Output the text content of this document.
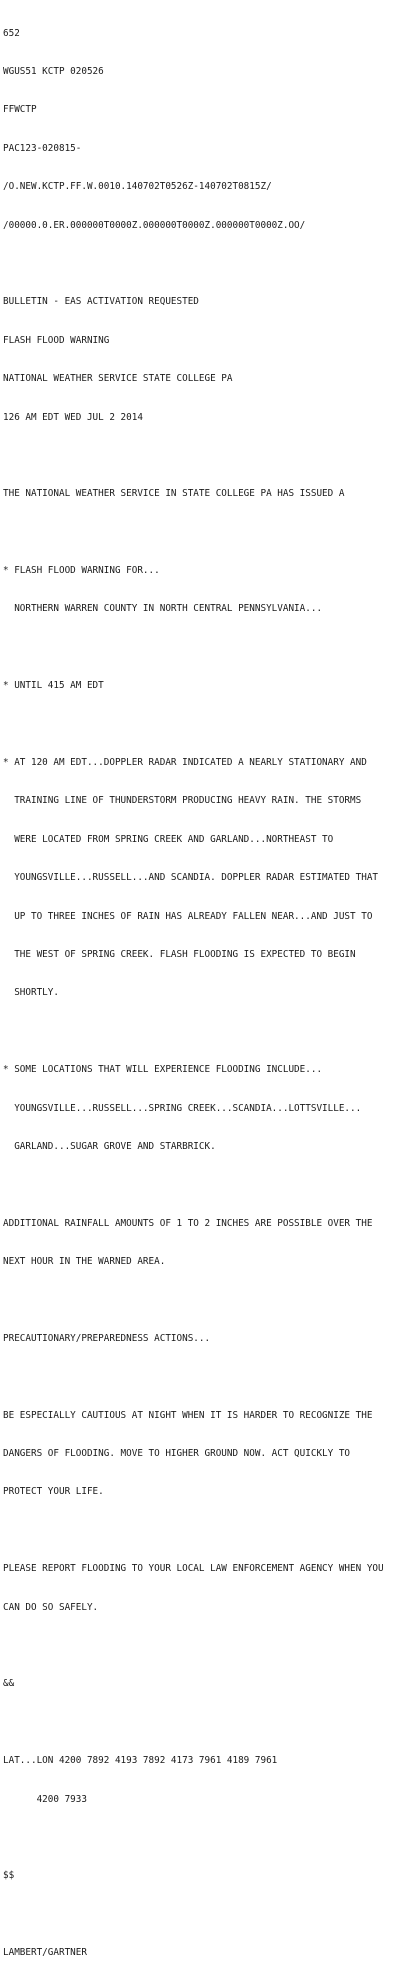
652

WGUS51 KCTP 020526

FFWCTP

PAC123-020815-

/O.NEW.KCTP.FF.W.0010.140702T0526Z-140702T0815Z/

/00000.0.ER.000000T0000Z.000000T0000Z.000000T0000Z.OO/

BULLETIN - EAS ACTIVATION REQUESTED

FLASH FLOOD WARNING

NATIONAL WEATHER SERVICE STATE COLLEGE PA

126 AM EDT WED JUL 2 2014

THE NATIONAL WEATHER SERVICE IN STATE COLLEGE PA HAS ISSUED A

* FLASH FLOOD WARNING FOR...

NORTHERN WARREN COUNTY IN NORTH CENTRAL PENNSYLVANIA...

* UNTIL 415 AM EDT

* AT 120 AM EDT...DOPPLER RADAR INDICATED A NEARLY STATIONARY AND

TRAINING LINE OF THUNDERSTORM PRODUCING HEAVY RAIN. THE STORMS

WERE LOCATED FROM SPRING CREEK AND GARLAND...NORTHEAST TO

YOUNGSVILLE...RUSSELL...AND SCANDIA. DOPPLER RADAR ESTIMATED THAT

UP TO THREE INCHES OF RAIN HAS ALREADY FALLEN NEAR...AND JUST TO

THE WEST OF SPRING CREEK. FLASH FLOODING IS EXPECTED TO BEGIN

SHORTLY.

* SOME LOCATIONS THAT WILL EXPERIENCE FLOODING INCLUDE...

YOUNGSVILLE...RUSSELL...SPRING CREEK...SCANDIA...LOTTSVILLE...

GARLAND...SUGAR GROVE AND STARBRICK.

ADDITIONAL RAINFALL AMOUNTS OF 1 TO 2 INCHES ARE POSSIBLE OVER THE

NEXT HOUR IN THE WARNED AREA.

PRECAUTIONARY/PREPAREDNESS ACTIONS...

BE ESPECIALLY CAUTIOUS AT NIGHT WHEN IT IS HARDER TO RECOGNIZE THE

DANGERS OF FLOODING. MOVE TO HIGHER GROUND NOW. ACT QUICKLY TO

PROTECT YOUR LIFE.

PLEASE REPORT FLOODING TO YOUR LOCAL LAW ENFORCEMENT AGENCY WHEN YOU

CAN DO SO SAFELY.

&&

LAT...LON 4200 7892 4193 7892 4173 7961 4189 7961

4200 7933

$$

LAMBERT/GARTNER
